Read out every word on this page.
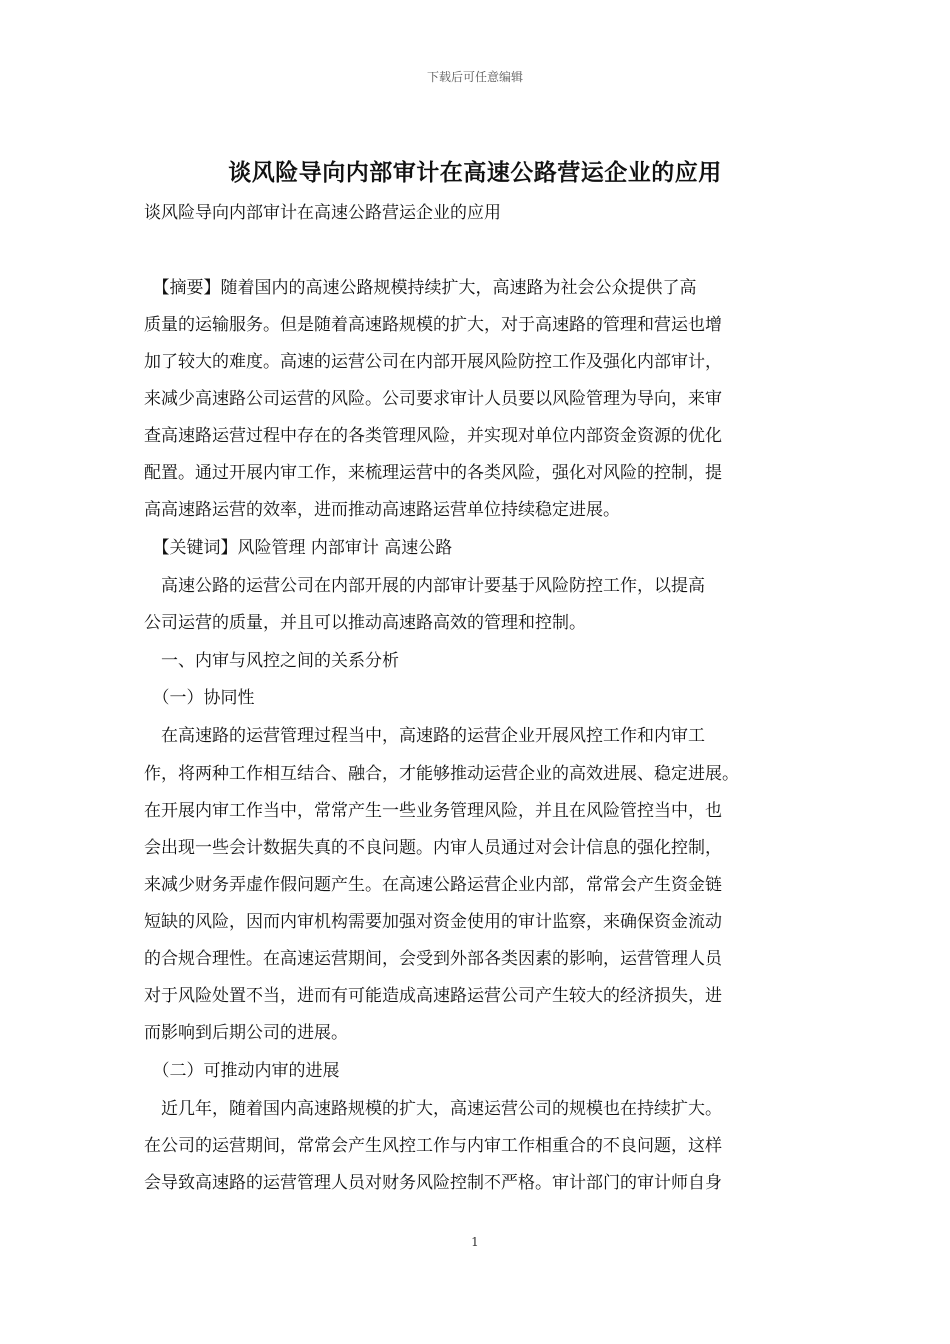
下载后可任意编辑
谈风险导向内部审计在高速公路营运企业的应用
谈风险导向内部审计在高速公路营运企业的应用
　【摘要】随着国内的高速公路规模持续扩大，高速路为社会公众提供了高
质量的运输服务。但是随着高速路规模的扩大，对于高速路的管理和营运也增
加了较大的难度。高速的运营公司在内部开展风险防控工作及强化内部审计，
来减少高速路公司运营的风险。公司要求审计人员要以风险管理为导向，来审
查高速路运营过程中存在的各类管理风险，并实现对单位内部资金资源的优化
配置。通过开展内审工作，来梳理运营中的各类风险，强化对风险的控制，提
高高速路运营的效率，进而推动高速路运营单位持续稳定进展。
　【关键词】风险管理 内部审计 高速公路
　高速公路的运营公司在内部开展的内部审计要基于风险防控工作，以提高
公司运营的质量，并且可以推动高速路高效的管理和控制。
　一、内审与风控之间的关系分析
　（一）协同性
　在高速路的运营管理过程当中，高速路的运营企业开展风控工作和内审工
作，将两种工作相互结合、融合，才能够推动运营企业的高效进展、稳定进展。
在开展内审工作当中，常常产生一些业务管理风险，并且在风险管控当中，也
会出现一些会计数据失真的不良问题。内审人员通过对会计信息的强化控制，
来减少财务弄虚作假问题产生。在高速公路运营企业内部，常常会产生资金链
短缺的风险，因而内审机构需要加强对资金使用的审计监察，来确保资金流动
的合规合理性。在高速运营期间，会受到外部各类因素的影响，运营管理人员
对于风险处置不当，进而有可能造成高速路运营公司产生较大的经济损失，进
而影响到后期公司的进展。
　（二）可推动内审的进展
　近几年，随着国内高速路规模的扩大，高速运营公司的规模也在持续扩大。
在公司的运营期间，常常会产生风控工作与内审工作相重合的不良问题，这样
会导致高速路的运营管理人员对财务风险控制不严格。审计部门的审计师自身
1
